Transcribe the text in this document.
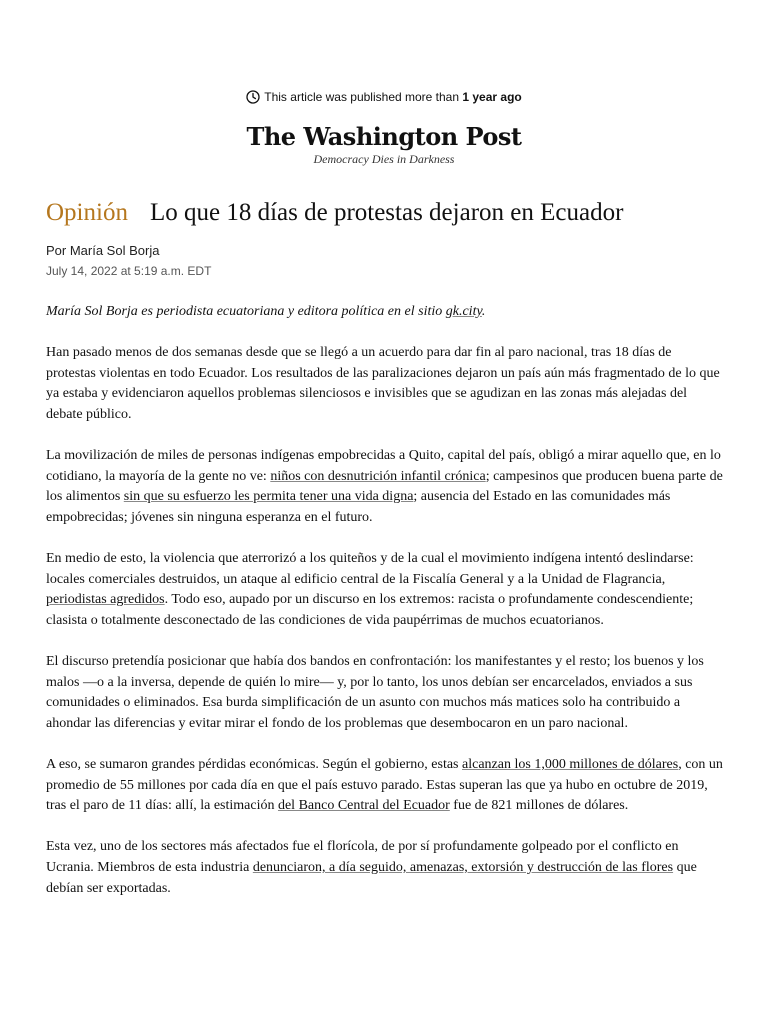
This article was published more than 1 year ago
The Washington Post
Democracy Dies in Darkness
Opinión Lo que 18 días de protestas dejaron en Ecuador
Por María Sol Borja
July 14, 2022 at 5:19 a.m. EDT

María Sol Borja es periodista ecuatoriana y editora política en el sitio gk.city.

Han pasado menos de dos semanas desde que se llegó a un acuerdo para dar fin al paro nacional, tras 18 días de protestas violentas en todo Ecuador. Los resultados de las paralizaciones dejaron un país aún más fragmentado de lo que ya estaba y evidenciaron aquellos problemas silenciosos e invisibles que se agudizan en las zonas más alejadas del debate público.

La movilización de miles de personas indígenas empobrecidas a Quito, capital del país, obligó a mirar aquello que, en lo cotidiano, la mayoría de la gente no ve: niños con desnutrición infantil crónica; campesinos que producen buena parte de los alimentos sin que su esfuerzo les permita tener una vida digna; ausencia del Estado en las comunidades más empobrecidas; jóvenes sin ninguna esperanza en el futuro.

En medio de esto, la violencia que aterrorizó a los quiteños y de la cual el movimiento indígena intentó deslindarse: locales comerciales destruidos, un ataque al edificio central de la Fiscalía General y a la Unidad de Flagrancia, periodistas agredidos. Todo eso, aupado por un discurso en los extremos: racista o profundamente condescendiente; clasista o totalmente desconectado de las condiciones de vida paupérrimas de muchos ecuatorianos.

El discurso pretendía posicionar que había dos bandos en confrontación: los manifestantes y el resto; los buenos y los malos —o a la inversa, depende de quién lo mire— y, por lo tanto, los unos debían ser encarcelados, enviados a sus comunidades o eliminados. Esa burda simplificación de un asunto con muchos más matices solo ha contribuido a ahondar las diferencias y evitar mirar el fondo de los problemas que desembocaron en un paro nacional.

A eso, se sumaron grandes pérdidas económicas. Según el gobierno, estas alcanzan los 1,000 millones de dólares, con un promedio de 55 millones por cada día en que el país estuvo parado. Estas superan las que ya hubo en octubre de 2019, tras el paro de 11 días: allí, la estimación del Banco Central del Ecuador fue de 821 millones de dólares.

Esta vez, uno de los sectores más afectados fue el florícola, de por sí profundamente golpeado por el conflicto en Ucrania. Miembros de esta industria denunciaron, a día seguido, amenazas, extorsión y destrucción de las flores que debían ser exportadas.
